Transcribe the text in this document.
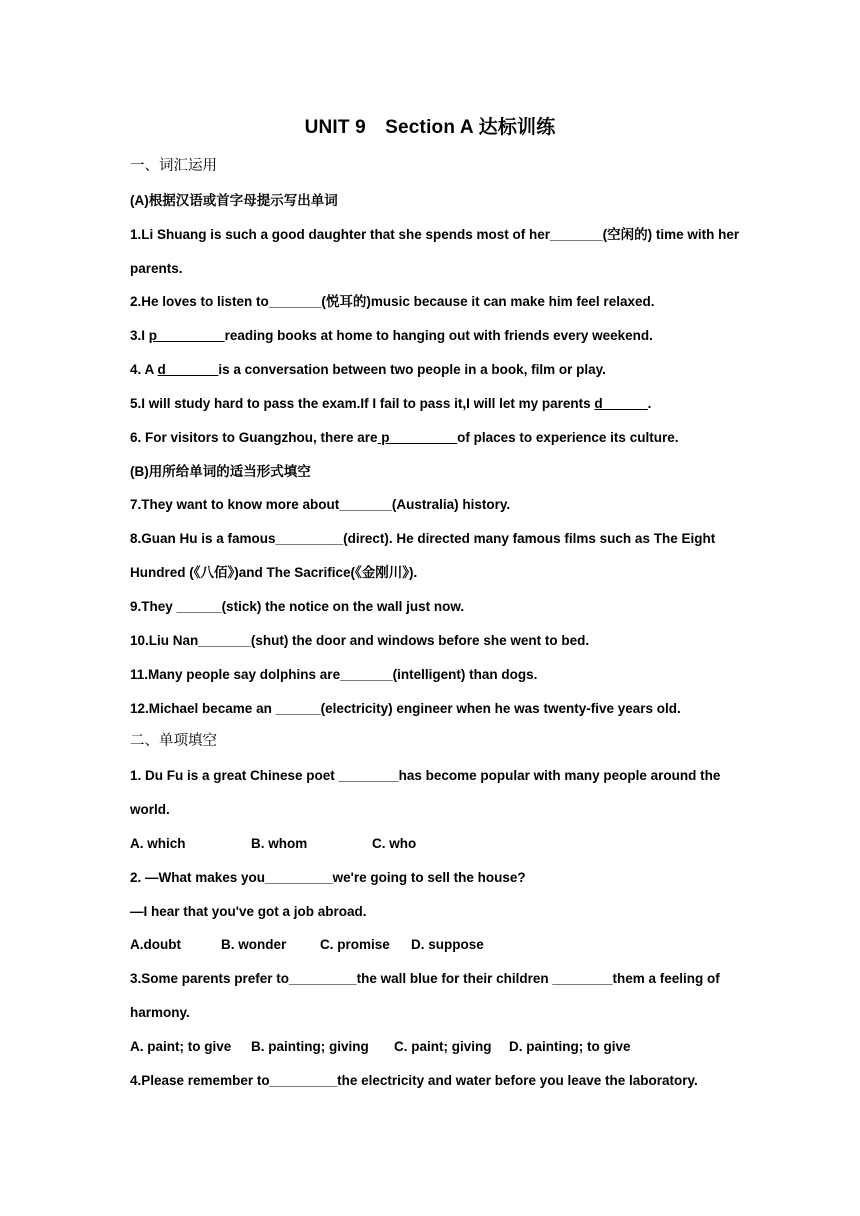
UNIT 9　Section A 达标训练
一、词汇运用
(A)根据汉语或首字母提示写出单词
1.Li Shuang is such a good daughter that she spends most of her_______(空闲的) time with her
parents.
2.He loves to listen to_______(悦耳的)music because it can make him feel relaxed.
3.I p_________reading books at home to hanging out with friends every weekend.
4. A d_______is a conversation between two people in a book, film or play.
5.I will study hard to pass the exam.If I fail to pass it,I will let my parents d______.
6. For visitors to Guangzhou, there are p_________of places to experience its culture.
(B)用所给单词的适当形式填空
7.They want to know more about_______(Australia) history.
8.Guan Hu is a famous_________(direct). He directed many famous films such as The Eight
Hundred (《八佰》)and The Sacrifice(《金刚川》).
9.They ______(stick) the notice on the wall just now.
10.Liu Nan_______(shut) the door and windows before she went to bed.
11.Many people say dolphins are_______(intelligent) than dogs.
12.Michael became an ______(electricity) engineer when he was twenty-five years old.
二、单项填空
1. Du Fu is a great Chinese poet ________has become popular with many people around the
world.
A. which	B. whom	C. who
2. —What makes you_________we're going to sell the house?
—I hear that you've got a job abroad.
A.doubt	B. wonder C. promise D. suppose
3.Some parents prefer to_________the wall blue for their children ________them a feeling of
harmony.
A. paint; to give B. painting; giving C. paint; giving D. painting; to give
4.Please remember to_________the electricity and water before you leave the laboratory.
